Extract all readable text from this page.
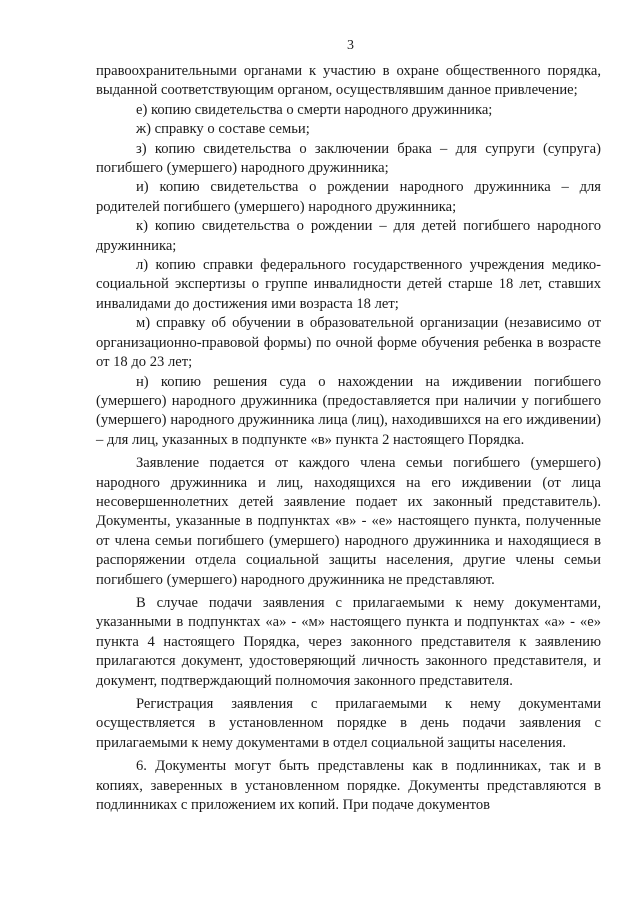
3

правоохранительными органами к участию в охране общественного порядка, выданной соответствующим органом, осуществлявшим данное привлечение;

е) копию свидетельства о смерти народного дружинника;

ж) справку о составе семьи;

з) копию свидетельства о заключении брака – для супруги (супруга) погибшего (умершего) народного дружинника;

и) копию свидетельства о рождении народного дружинника – для родителей погибшего (умершего) народного дружинника;

к) копию свидетельства о рождении – для детей погибшего народного дружинника;

л) копию справки федерального государственного учреждения медико-социальной экспертизы о группе инвалидности детей старше 18 лет, ставших инвалидами до достижения ими возраста 18 лет;

м) справку об обучении в образовательной организации (независимо от организационно-правовой формы) по очной форме обучения ребенка в возрасте от 18 до 23 лет;

н) копию решения суда о нахождении на иждивении погибшего (умершего) народного дружинника (предоставляется при наличии у погибшего (умершего) народного дружинника лица (лиц), находившихся на его иждивении) – для лиц, указанных в подпункте «в» пункта 2 настоящего Порядка.

Заявление подается от каждого члена семьи погибшего (умершего) народного дружинника и лиц, находящихся на его иждивении (от лица несовершеннолетних детей заявление подает их законный представитель). Документы, указанные в подпунктах «в» - «е» настоящего пункта, полученные от члена семьи погибшего (умершего) народного дружинника и находящиеся в распоряжении отдела социальной защиты населения, другие члены семьи погибшего (умершего) народного дружинника не представляют.

В случае подачи заявления с прилагаемыми к нему документами, указанными в подпунктах «а» - «м» настоящего пункта и подпунктах «а» - «е» пункта 4 настоящего Порядка, через законного представителя к заявлению прилагаются документ, удостоверяющий личность законного представителя, и документ, подтверждающий полномочия законного представителя.

Регистрация заявления с прилагаемыми к нему документами осуществляется в установленном порядке в день подачи заявления с прилагаемыми к нему документами в отдел социальной защиты населения.

6. Документы могут быть представлены как в подлинниках, так и в копиях, заверенных в установленном порядке. Документы представляются в подлинниках с приложением их копий. При подаче документов
